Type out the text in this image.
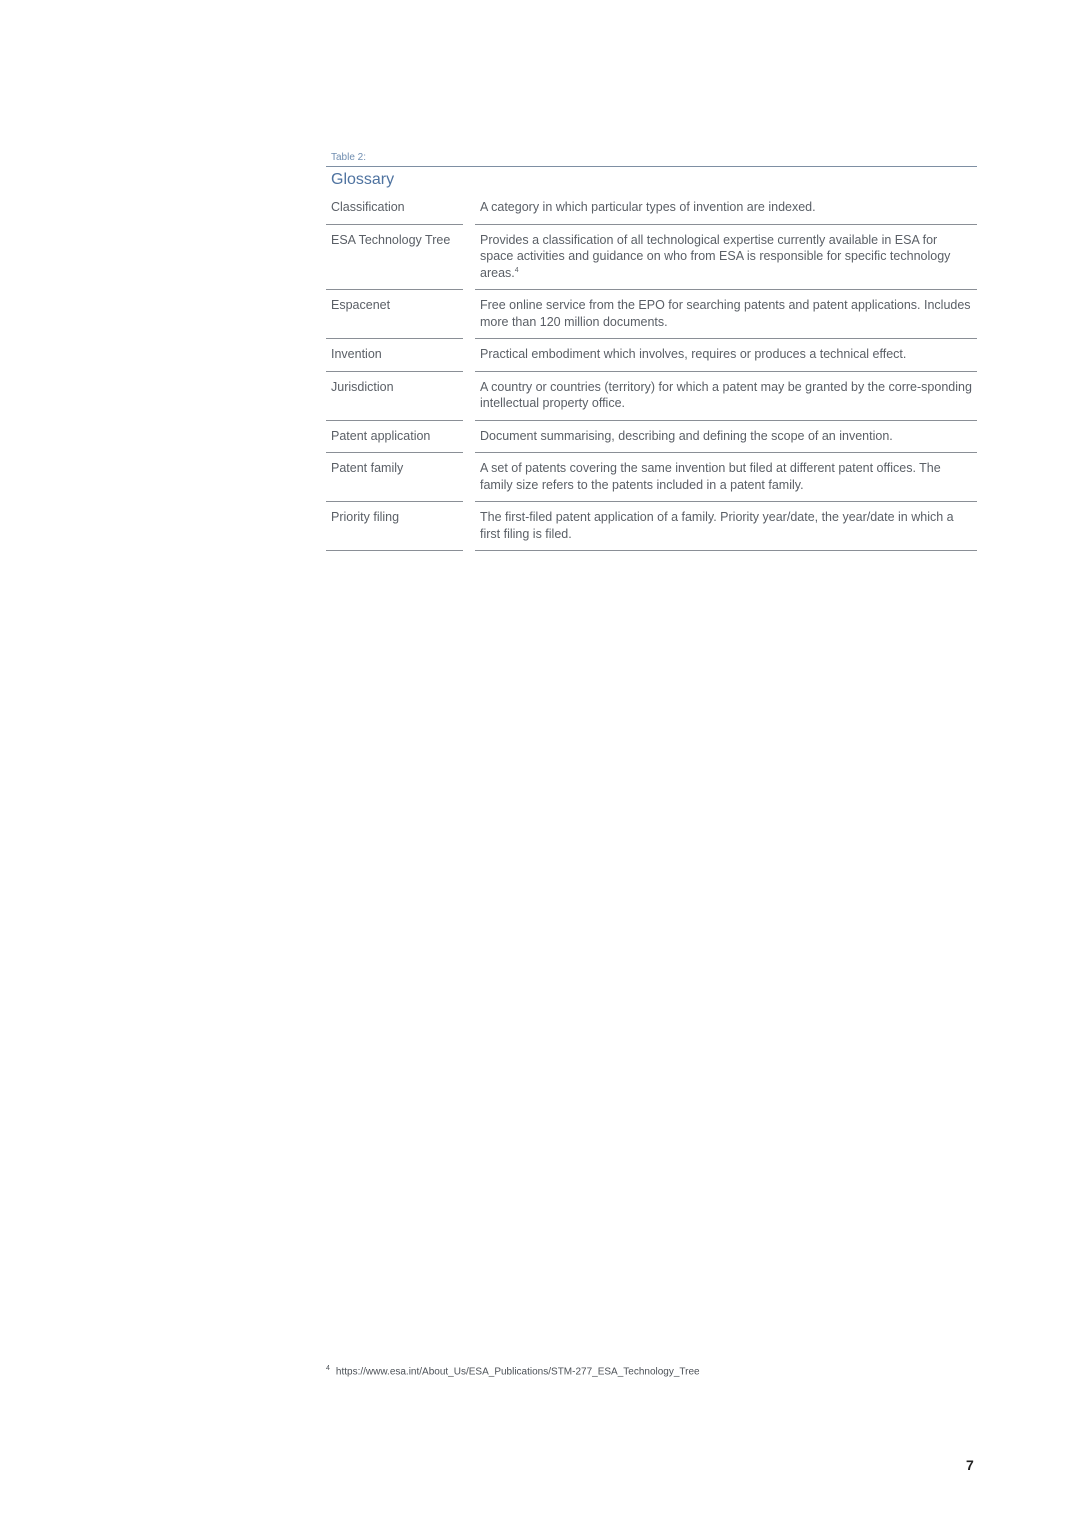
Table 2:
Glossary
Classification	A category in which particular types of invention are indexed.
ESA Technology Tree	Provides a classification of all technological expertise currently available in ESA for space activities and guidance on who from ESA is responsible for specific technology areas.$^4$
Espacenet	Free online service from the EPO for searching patents and patent applications. Includes more than 120 million documents.
Invention	Practical embodiment which involves, requires or produces a technical effect.
Jurisdiction	A country or countries (territory) for which a patent may be granted by the corre-sponding intellectual property office.
Patent application	Document summarising, describing and defining the scope of an invention.
Patent family	A set of patents covering the same invention but filed at different patent offices. The family size refers to the patents included in a patent family.
Priority filing	The first-filed patent application of a family. Priority year/date, the year/date in which a first filing is filed.
$^4$ https://www.esa.int/About_Us/ESA_Publications/STM-277_ESA_Technology_Tree
7
